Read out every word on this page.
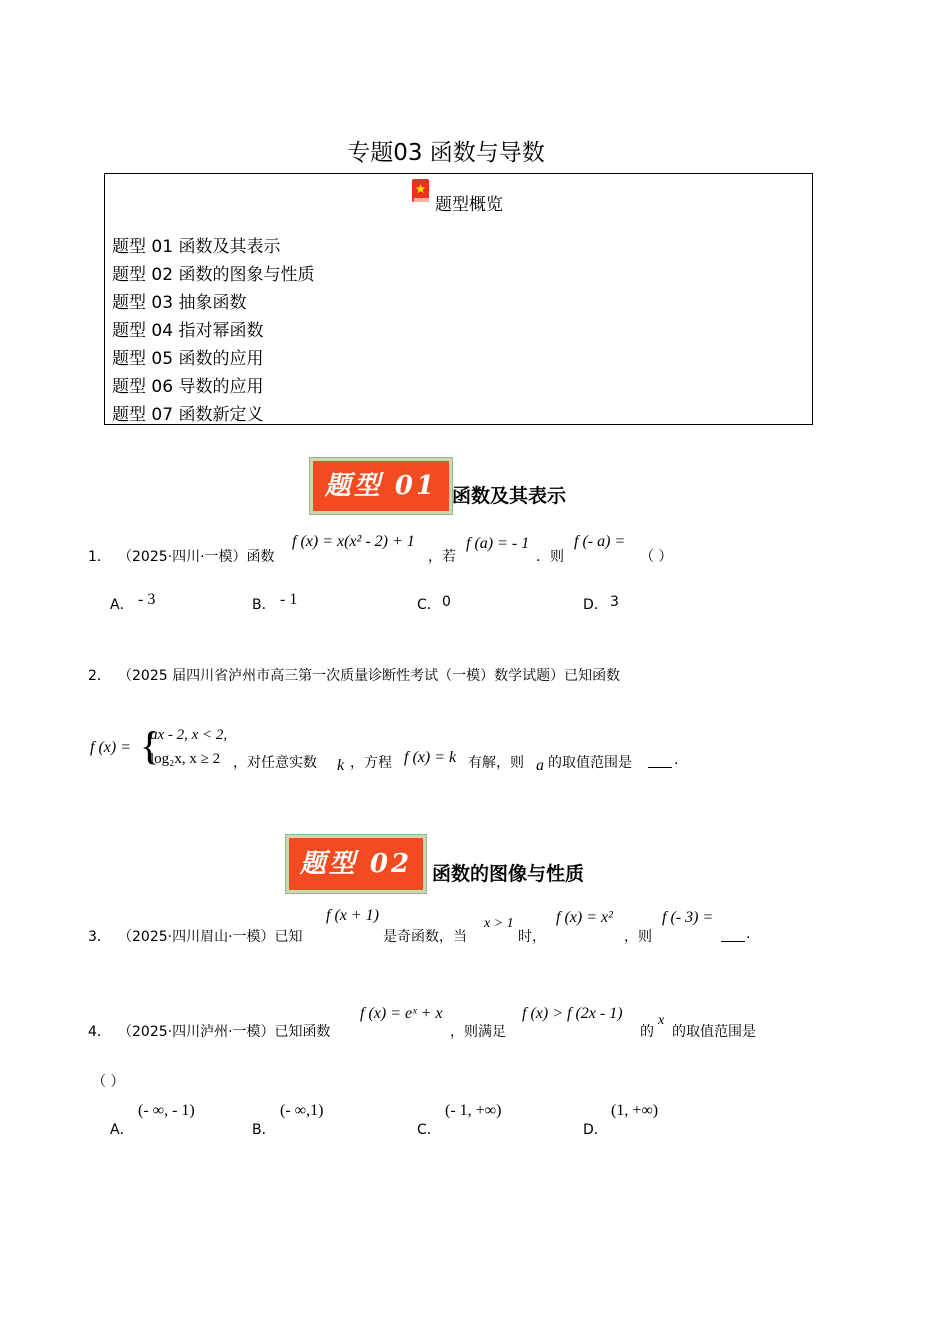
专题03 函数与导数
题型概览
题型 01 函数及其表示
题型 02 函数的图象与性质
题型 03 抽象函数
题型 04 指对幂函数
题型 05 函数的应用
题型 06 导数的应用
题型 07 函数新定义
题型 01 函数及其表示
1． （2025·四川·一模）函数
f (x) = x(x² - 2) + 1
，若
f (a) = - 1
．则
f (- a) =
（ ）
A． - 3	B． - 1	C． 0	D． 3
2． （2025 届四川省泸州市高三第一次质量诊断性考试（一模）数学试题）已知函数
f (x) = {
ax - 2, x < 2,
log₂x, x ≥ 2 ，对任意实数 k ，方程 f (x) = k 有解，则 a 的取值范围是	.
题型 02	函数的图像与性质
3． （2025·四川眉山·一模）已知
f (x + 1)
是奇函数，当
x > 1
时，
f (x) = x²
，则
f (- 3) =
.
4． （2025·四川泸州·一模）已知函数
f (x) = eˣ + x
，则满足
f (x) > f (2x - 1)
的
x
的取值范围是
（ ）
A．
(- ∞, - 1)
B．
(- ∞,1)
C．
(- 1, +∞)
D．
(1, +∞)
